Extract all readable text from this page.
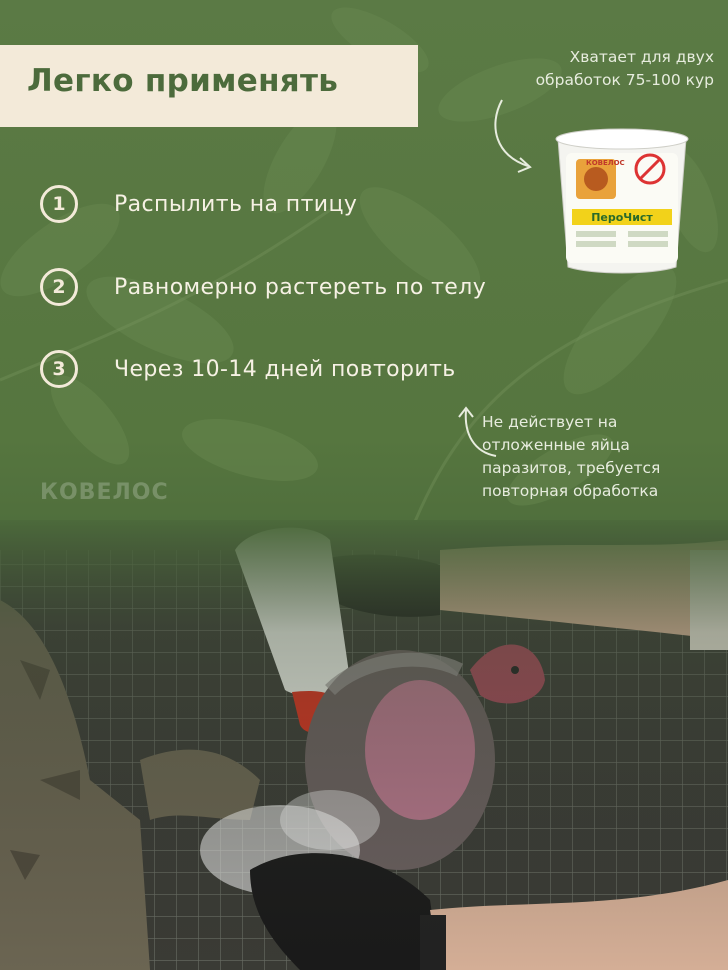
КОВЕЛОС
Легко применять
Хватает для двух обработок 75-100 кур
ПероЧист
КОВЕЛОС
1	Распылить на птицу
2	Равномерно растереть по телу
3	Через 10-14 дней повторить
Не действует на отложенные яйца паразитов, требуется повторная обработка
